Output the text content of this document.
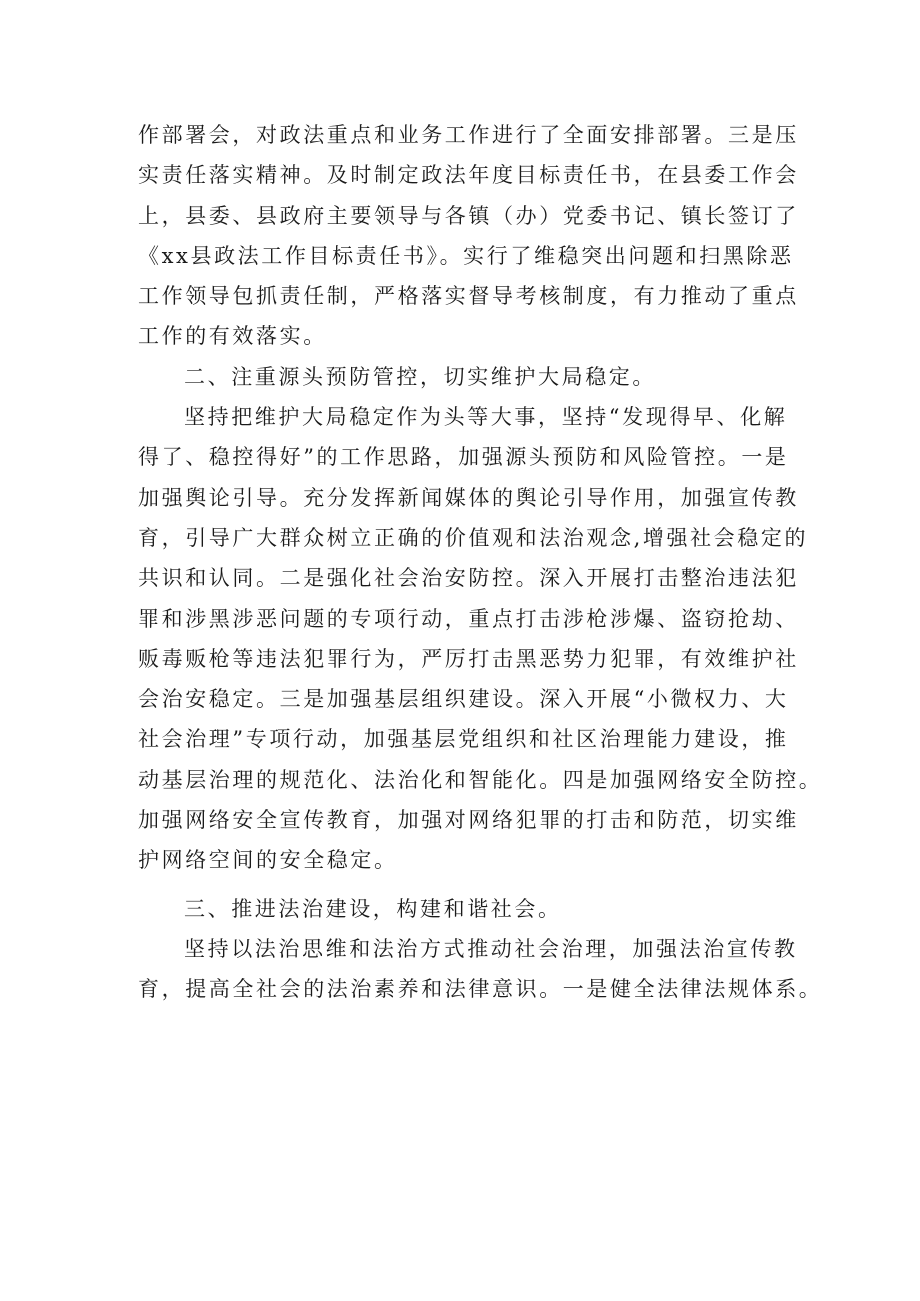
作部署会，对政法重点和业务工作进行了全面安排部署。三是压
实责任落实精神。及时制定政法年度目标责任书，在县委工作会
上，县委、县政府主要领导与各镇（办）党委书记、镇长签订了
《xx县政法工作目标责任书》。实行了维稳突出问题和扫黑除恶
工作领导包抓责任制，严格落实督导考核制度，有力推动了重点
工作的有效落实。
二、注重源头预防管控，切实维护大局稳定。
坚持把维护大局稳定作为头等大事，坚持“发现得早、化解
得了、稳控得好”的工作思路，加强源头预防和风险管控。一是
加强舆论引导。充分发挥新闻媒体的舆论引导作用，加强宣传教
育，引导广大群众树立正确的价值观和法治观念,增强社会稳定的
共识和认同。二是强化社会治安防控。深入开展打击整治违法犯
罪和涉黑涉恶问题的专项行动，重点打击涉枪涉爆、盗窃抢劫、
贩毒贩枪等违法犯罪行为，严厉打击黑恶势力犯罪，有效维护社
会治安稳定。三是加强基层组织建设。深入开展“小微权力、大
社会治理”专项行动，加强基层党组织和社区治理能力建设，推
动基层治理的规范化、法治化和智能化。四是加强网络安全防控。
加强网络安全宣传教育，加强对网络犯罪的打击和防范，切实维
护网络空间的安全稳定。
三、推进法治建设，构建和谐社会。
坚持以法治思维和法治方式推动社会治理，加强法治宣传教
育，提高全社会的法治素养和法律意识。一是健全法律法规体系。
